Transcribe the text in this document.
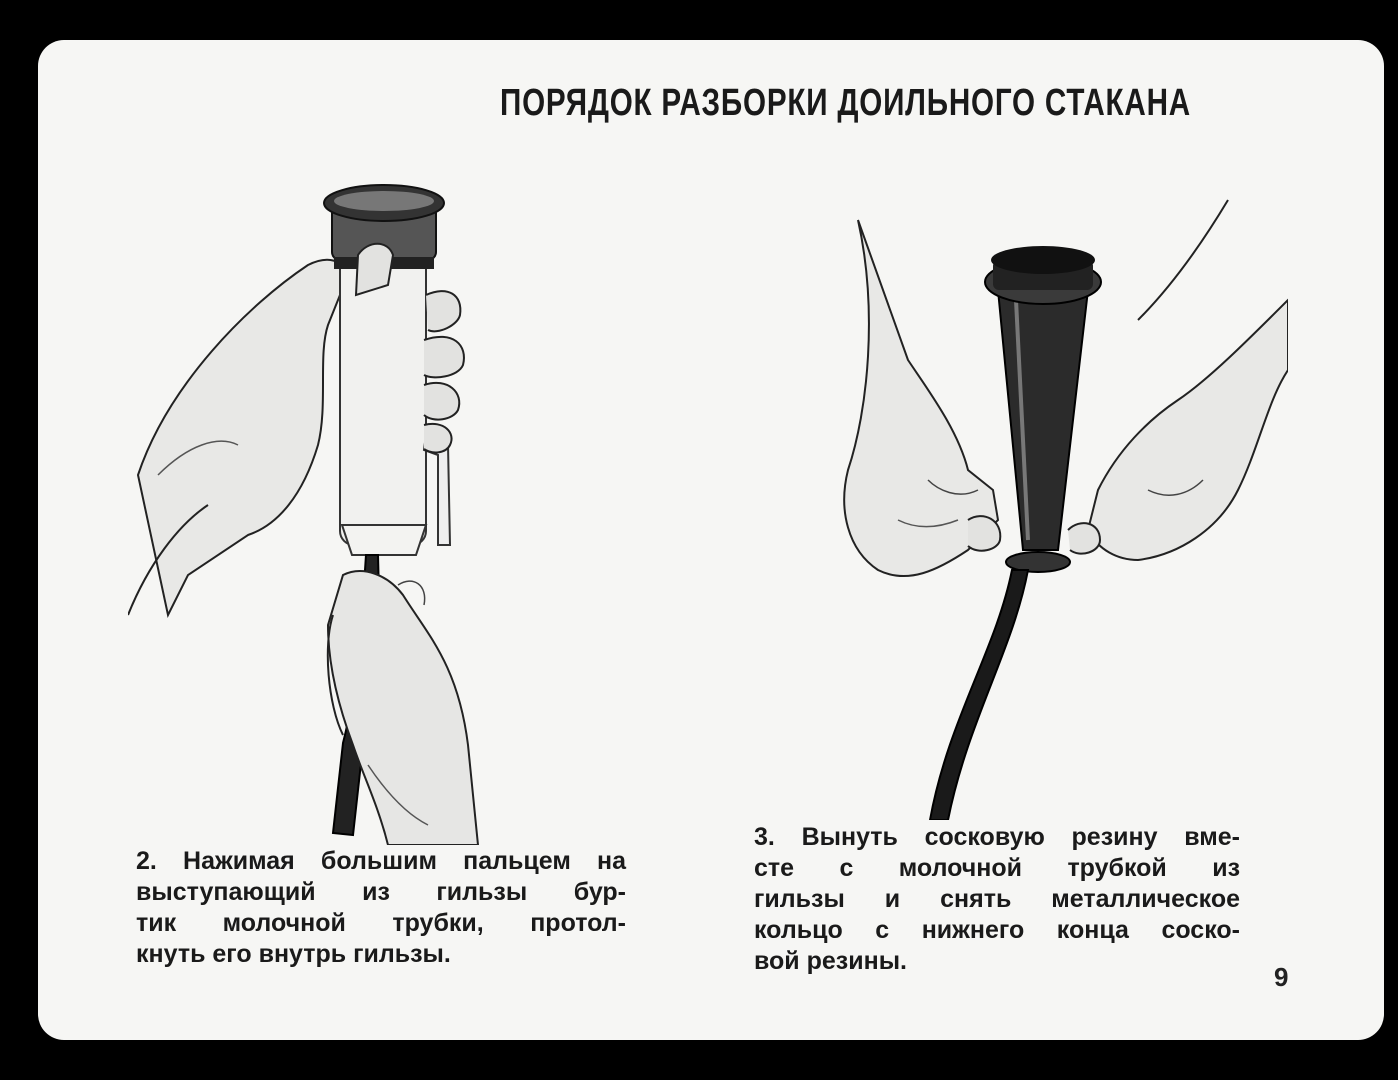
ПОРЯДОК РАЗБОРКИ ДОИЛЬНОГО СТАКАНА
2. Нажимая большим пальцем на
выступающий из гильзы бур-
тик молочной трубки, протол-
кнуть его внутрь гильзы.
3. Вынуть сосковую резину вме-
сте с молочной трубкой из
гильзы и снять металлическое
кольцо с нижнего конца соско-
вой резины.
9
